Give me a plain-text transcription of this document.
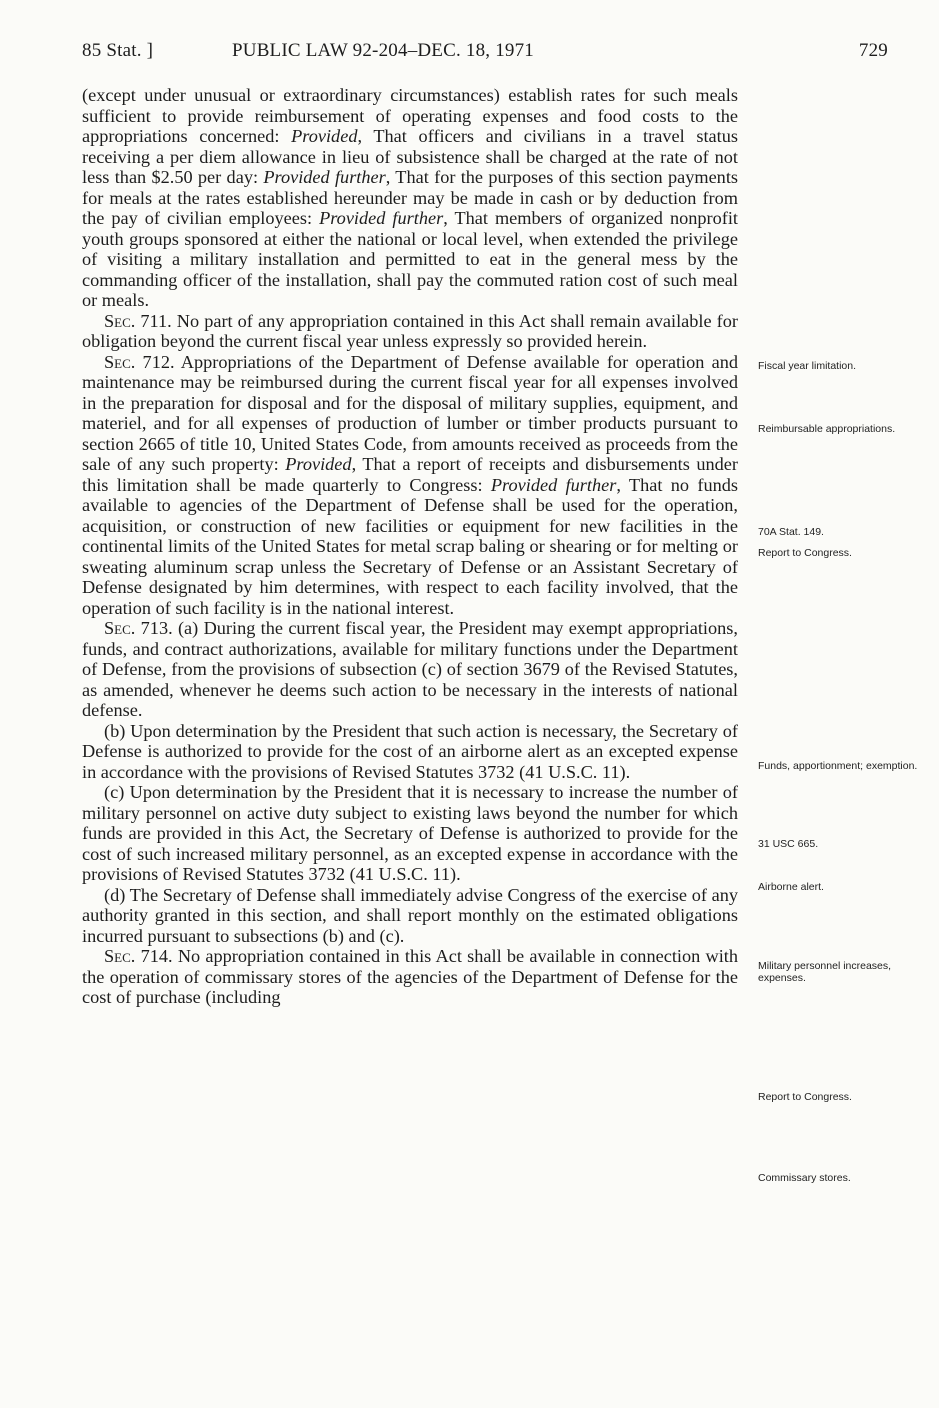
85 Stat. ]	PUBLIC LAW 92-204–DEC. 18, 1971	729

(except under unusual or extraordinary circumstances) establish rates for such meals sufficient to provide reimbursement of operating expenses and food costs to the appropriations concerned: Provided, That officers and civilians in a travel status receiving a per diem allowance in lieu of subsistence shall be charged at the rate of not less than $2.50 per day: Provided further, That for the purposes of this section payments for meals at the rates established hereunder may be made in cash or by deduction from the pay of civilian employees: Provided further, That members of organized nonprofit youth groups sponsored at either the national or local level, when extended the privilege of visiting a military installation and permitted to eat in the general mess by the commanding officer of the installation, shall pay the commuted ration cost of such meal or meals.

Sec. 711. No part of any appropriation contained in this Act shall remain available for obligation beyond the current fiscal year unless expressly so provided herein.

Sec. 712. Appropriations of the Department of Defense available for operation and maintenance may be reimbursed during the current fiscal year for all expenses involved in the preparation for disposal and for the disposal of military supplies, equipment, and materiel, and for all expenses of production of lumber or timber products pursuant to section 2665 of title 10, United States Code, from amounts received as proceeds from the sale of any such property: Provided, That a report of receipts and disbursements under this limitation shall be made quarterly to Congress: Provided further, That no funds available to agencies of the Department of Defense shall be used for the operation, acquisition, or construction of new facilities or equipment for new facilities in the continental limits of the United States for metal scrap baling or shearing or for melting or sweating aluminum scrap unless the Secretary of Defense or an Assistant Secretary of Defense designated by him determines, with respect to each facility involved, that the operation of such facility is in the national interest.

Sec. 713. (a) During the current fiscal year, the President may exempt appropriations, funds, and contract authorizations, available for military functions under the Department of Defense, from the provisions of subsection (c) of section 3679 of the Revised Statutes, as amended, whenever he deems such action to be necessary in the interests of national defense.

(b) Upon determination by the President that such action is necessary, the Secretary of Defense is authorized to provide for the cost of an airborne alert as an excepted expense in accordance with the provisions of Revised Statutes 3732 (41 U.S.C. 11).

(c) Upon determination by the President that it is necessary to increase the number of military personnel on active duty subject to existing laws beyond the number for which funds are provided in this Act, the Secretary of Defense is authorized to provide for the cost of such increased military personnel, as an excepted expense in accordance with the provisions of Revised Statutes 3732 (41 U.S.C. 11).

(d) The Secretary of Defense shall immediately advise Congress of the exercise of any authority granted in this section, and shall report monthly on the estimated obligations incurred pursuant to subsections (b) and (c).

Sec. 714. No appropriation contained in this Act shall be available in connection with the operation of commissary stores of the agencies of the Department of Defense for the cost of purchase (including

Fiscal year limitation.
Reimbursable appropriations.
70A Stat. 149.
Report to Congress.
Funds, apportionment; exemption.
31 USC 665.
Airborne alert.
Military personnel increases, expenses.
Report to Congress.
Commissary stores.
